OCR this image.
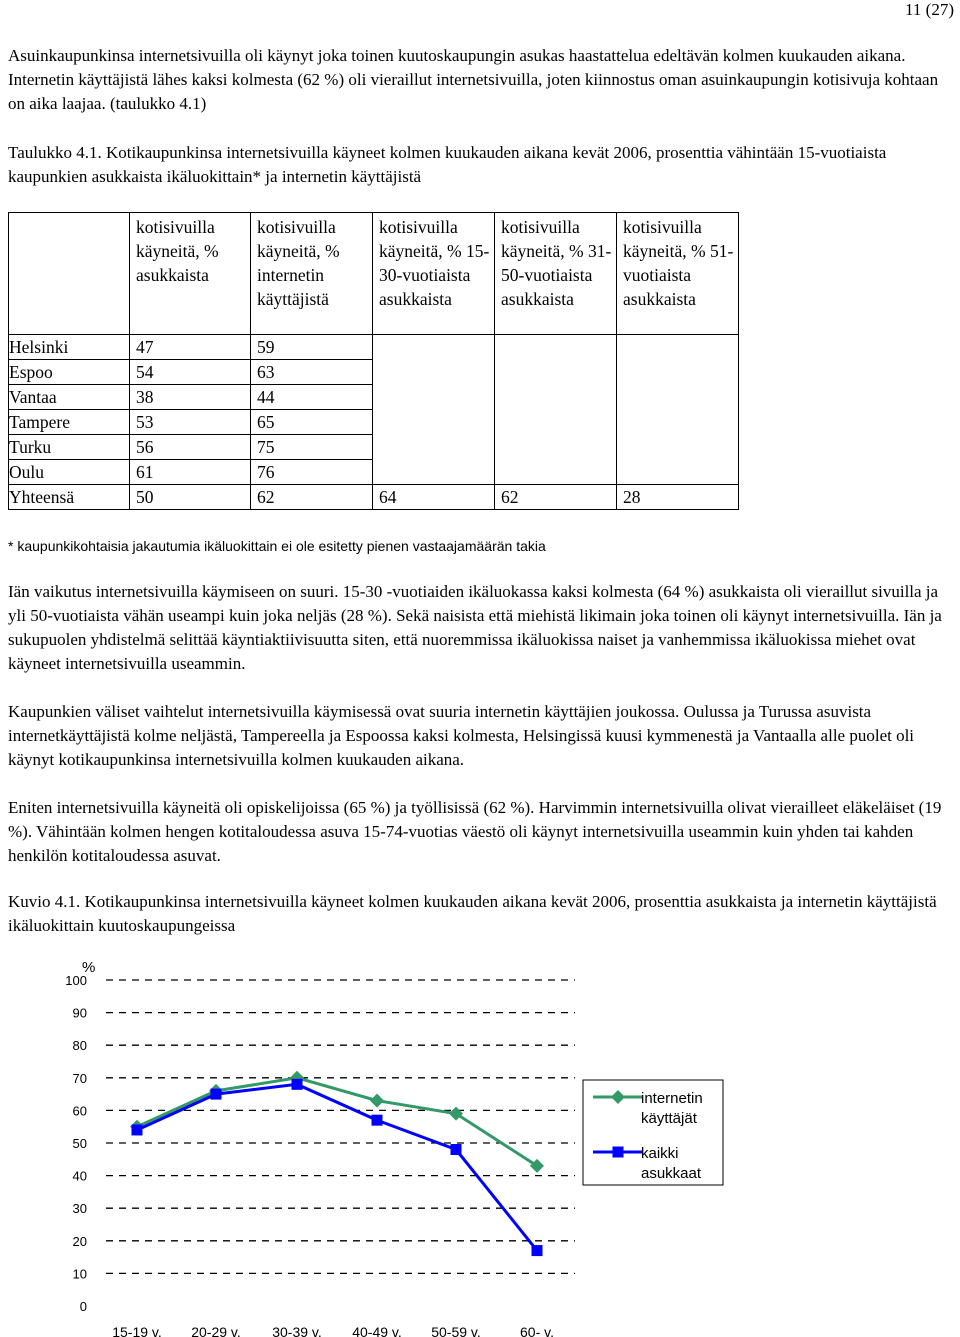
11 (27)

Asuinkaupunkinsa internetsivuilla oli käynyt joka toinen kuutoskaupungin asukas haastattelua edeltävän kolmen kuukauden aikana. Internetin käyttäjistä lähes kaksi kolmesta (62 %) oli vieraillut internetsivuilla, joten kiinnostus oman asuinkaupungin kotisivuja kohtaan on aika laajaa. (taulukko 4.1)

Taulukko 4.1. Kotikaupunkinsa internetsivuilla käyneet kolmen kuukauden aikana kevät 2006, prosenttia vähintään 15-vuotiaista kaupunkien asukkaista ikäluokittain* ja internetin käyttäjistä

	kotisivuilla käyneitä, % asukkaista	kotisivuilla käyneitä, % internetin käyttäjistä	kotisivuilla käyneitä, % 15-30-vuotiaista asukkaista	kotisivuilla käyneitä, % 31-50-vuotiaista asukkaista	kotisivuilla käyneitä, % 51-vuotiaista asukkaista
Helsinki	47	59			
Espoo	54	63			
Vantaa	38	44			
Tampere	53	65			
Turku	56	75			
Oulu	61	76			
Yhteensä	50	62	64	62	28
* kaupunkikohtaisia jakautumia ikäluokittain ei ole esitetty pienen vastaajamäärän takia

Iän vaikutus internetsivuilla käymiseen on suuri. 15-30 -vuotiaiden ikäluokassa kaksi kolmesta (64 %) asukkaista oli vieraillut sivuilla ja yli 50-vuotiaista vähän useampi kuin joka neljäs (28 %). Sekä naisista että miehistä likimain joka toinen oli käynyt internetsivuilla. Iän ja sukupuolen yhdistelmä selittää käyntiaktiivisuutta siten, että nuoremmissa ikäluokissa naiset ja vanhemmissa ikäluokissa miehet ovat käyneet internetsivuilla useammin.

Kaupunkien väliset vaihtelut internetsivuilla käymisessä ovat suuria internetin käyttäjien joukossa. Oulussa ja Turussa asuvista internetkäyttäjistä kolme neljästä, Tampereella ja Espoossa kaksi kolmesta, Helsingissä kuusi kymmenestä ja Vantaalla alle puolet oli käynyt kotikaupunkinsa internetsivuilla kolmen kuukauden aikana.

Eniten internetsivuilla käyneitä oli opiskelijoissa (65 %) ja työllisissä (62 %). Harvimmin internetsivuilla olivat vierailleet eläkeläiset (19 %). Vähintään kolmen hengen kotitaloudessa asuva 15-74-vuotias väestö oli käynyt internetsivuilla useammin kuin yhden tai kahden henkilön kotitaloudessa asuvat.

Kuvio 4.1. Kotikaupunkinsa internetsivuilla käyneet kolmen kuukauden aikana kevät 2006, prosenttia asukkaista ja internetin käyttäjistä ikäluokittain kuutoskaupungeissa

0
10
20
30
40
50
60
70
80
90
100
15-19 v. 20-29 v. 30-39 v. 40-49 v. 50-59 v.	60- v.
internetin käyttäjät
kaikki asukkaat
%
